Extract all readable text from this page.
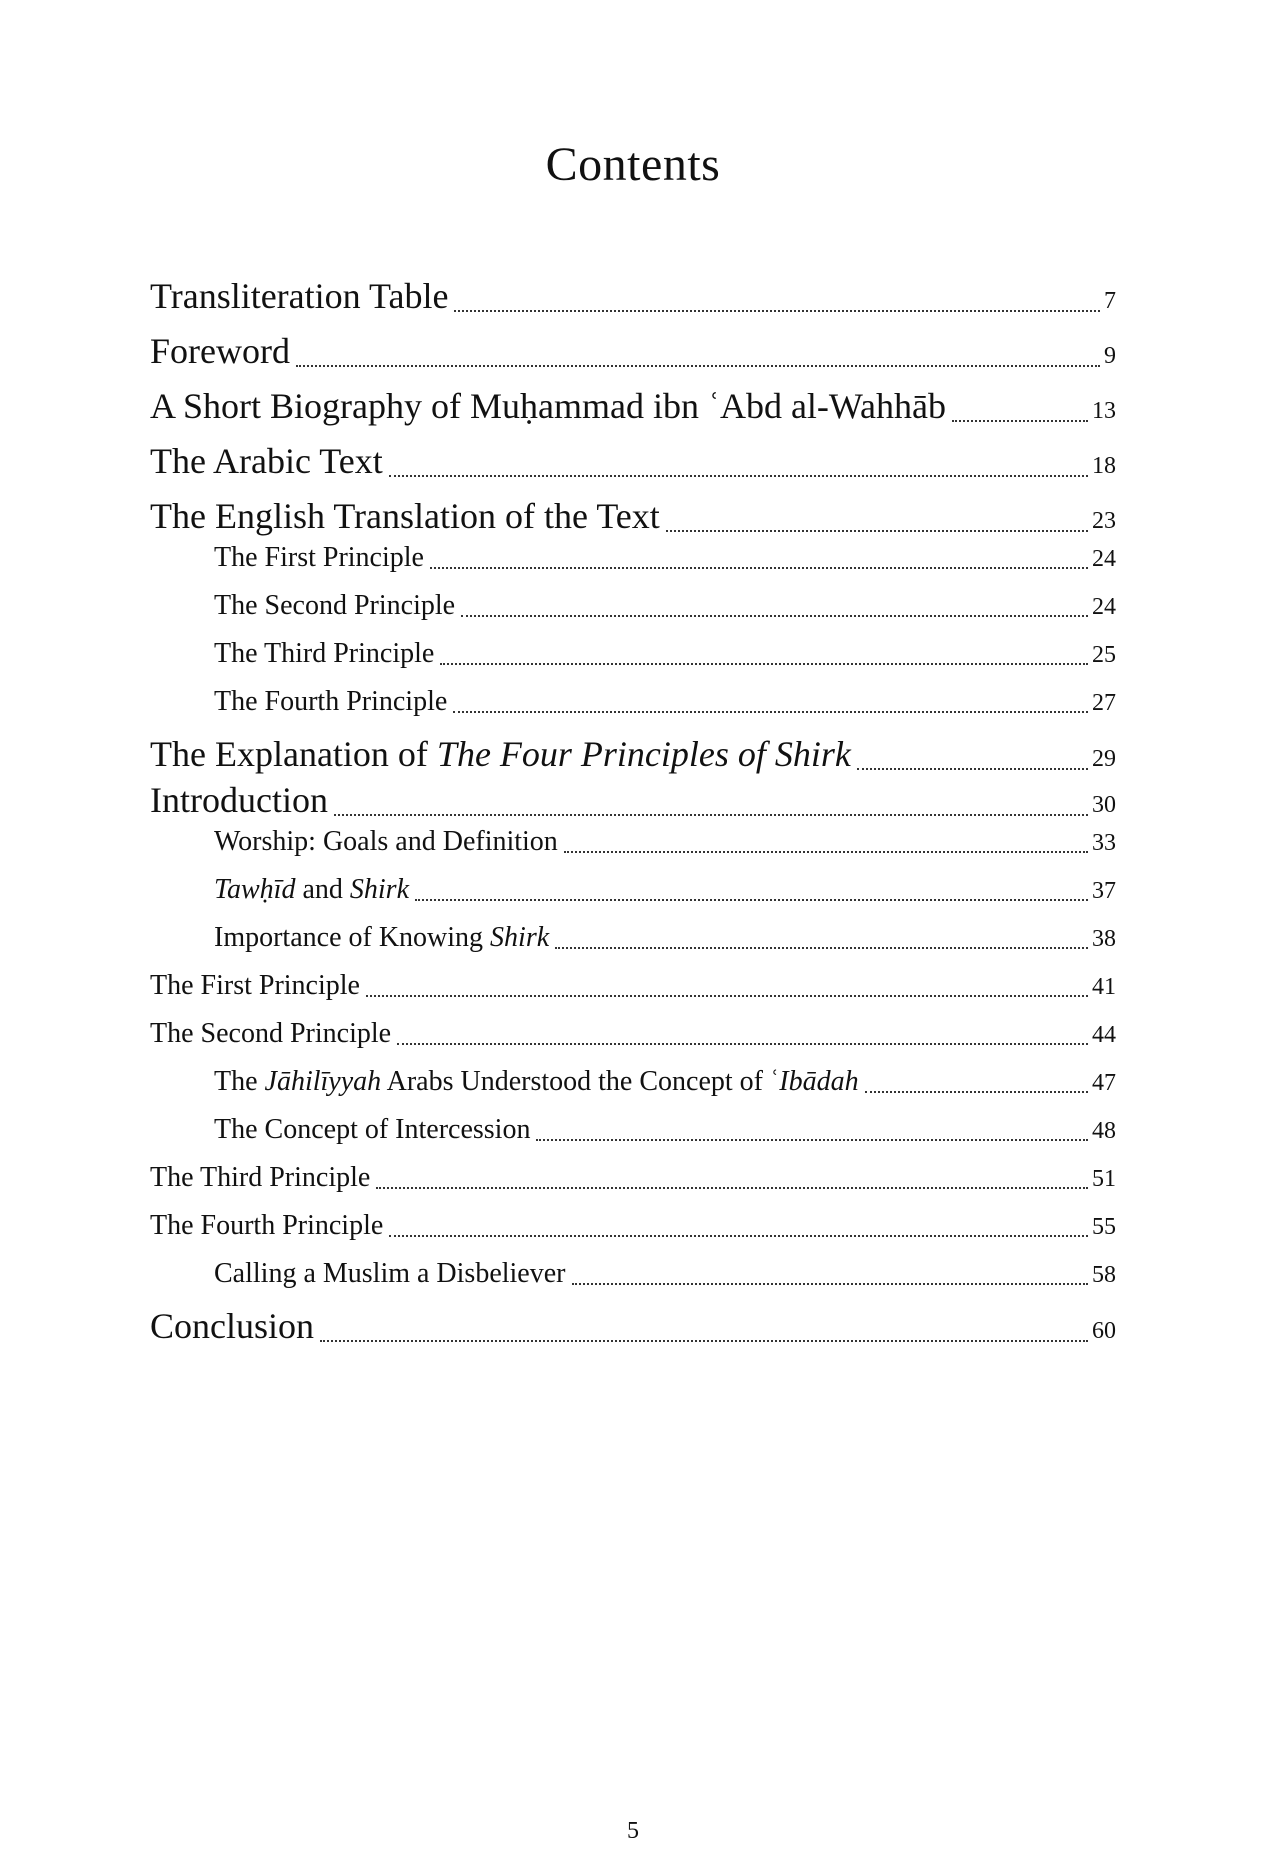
Contents
Transliteration Table	7
Foreword	9
A Short Biography of Muḥammad ibn ʿAbd al-Wahhāb	13
The Arabic Text	18
The English Translation of the Text	23
The First Principle	24
The Second Principle	24
The Third Principle	25
The Fourth Principle	27
The Explanation of The Four Principles of Shirk	29
Introduction	30
Worship: Goals and Definition	33
Tawḥīd and Shirk	37
Importance of Knowing Shirk	38
The First Principle	41
The Second Principle	44
The Jāhilīyyah Arabs Understood the Concept of ʿIbādah	47
The Concept of Intercession	48
The Third Principle	51
The Fourth Principle	55
Calling a Muslim a Disbeliever	58
Conclusion	60
5
